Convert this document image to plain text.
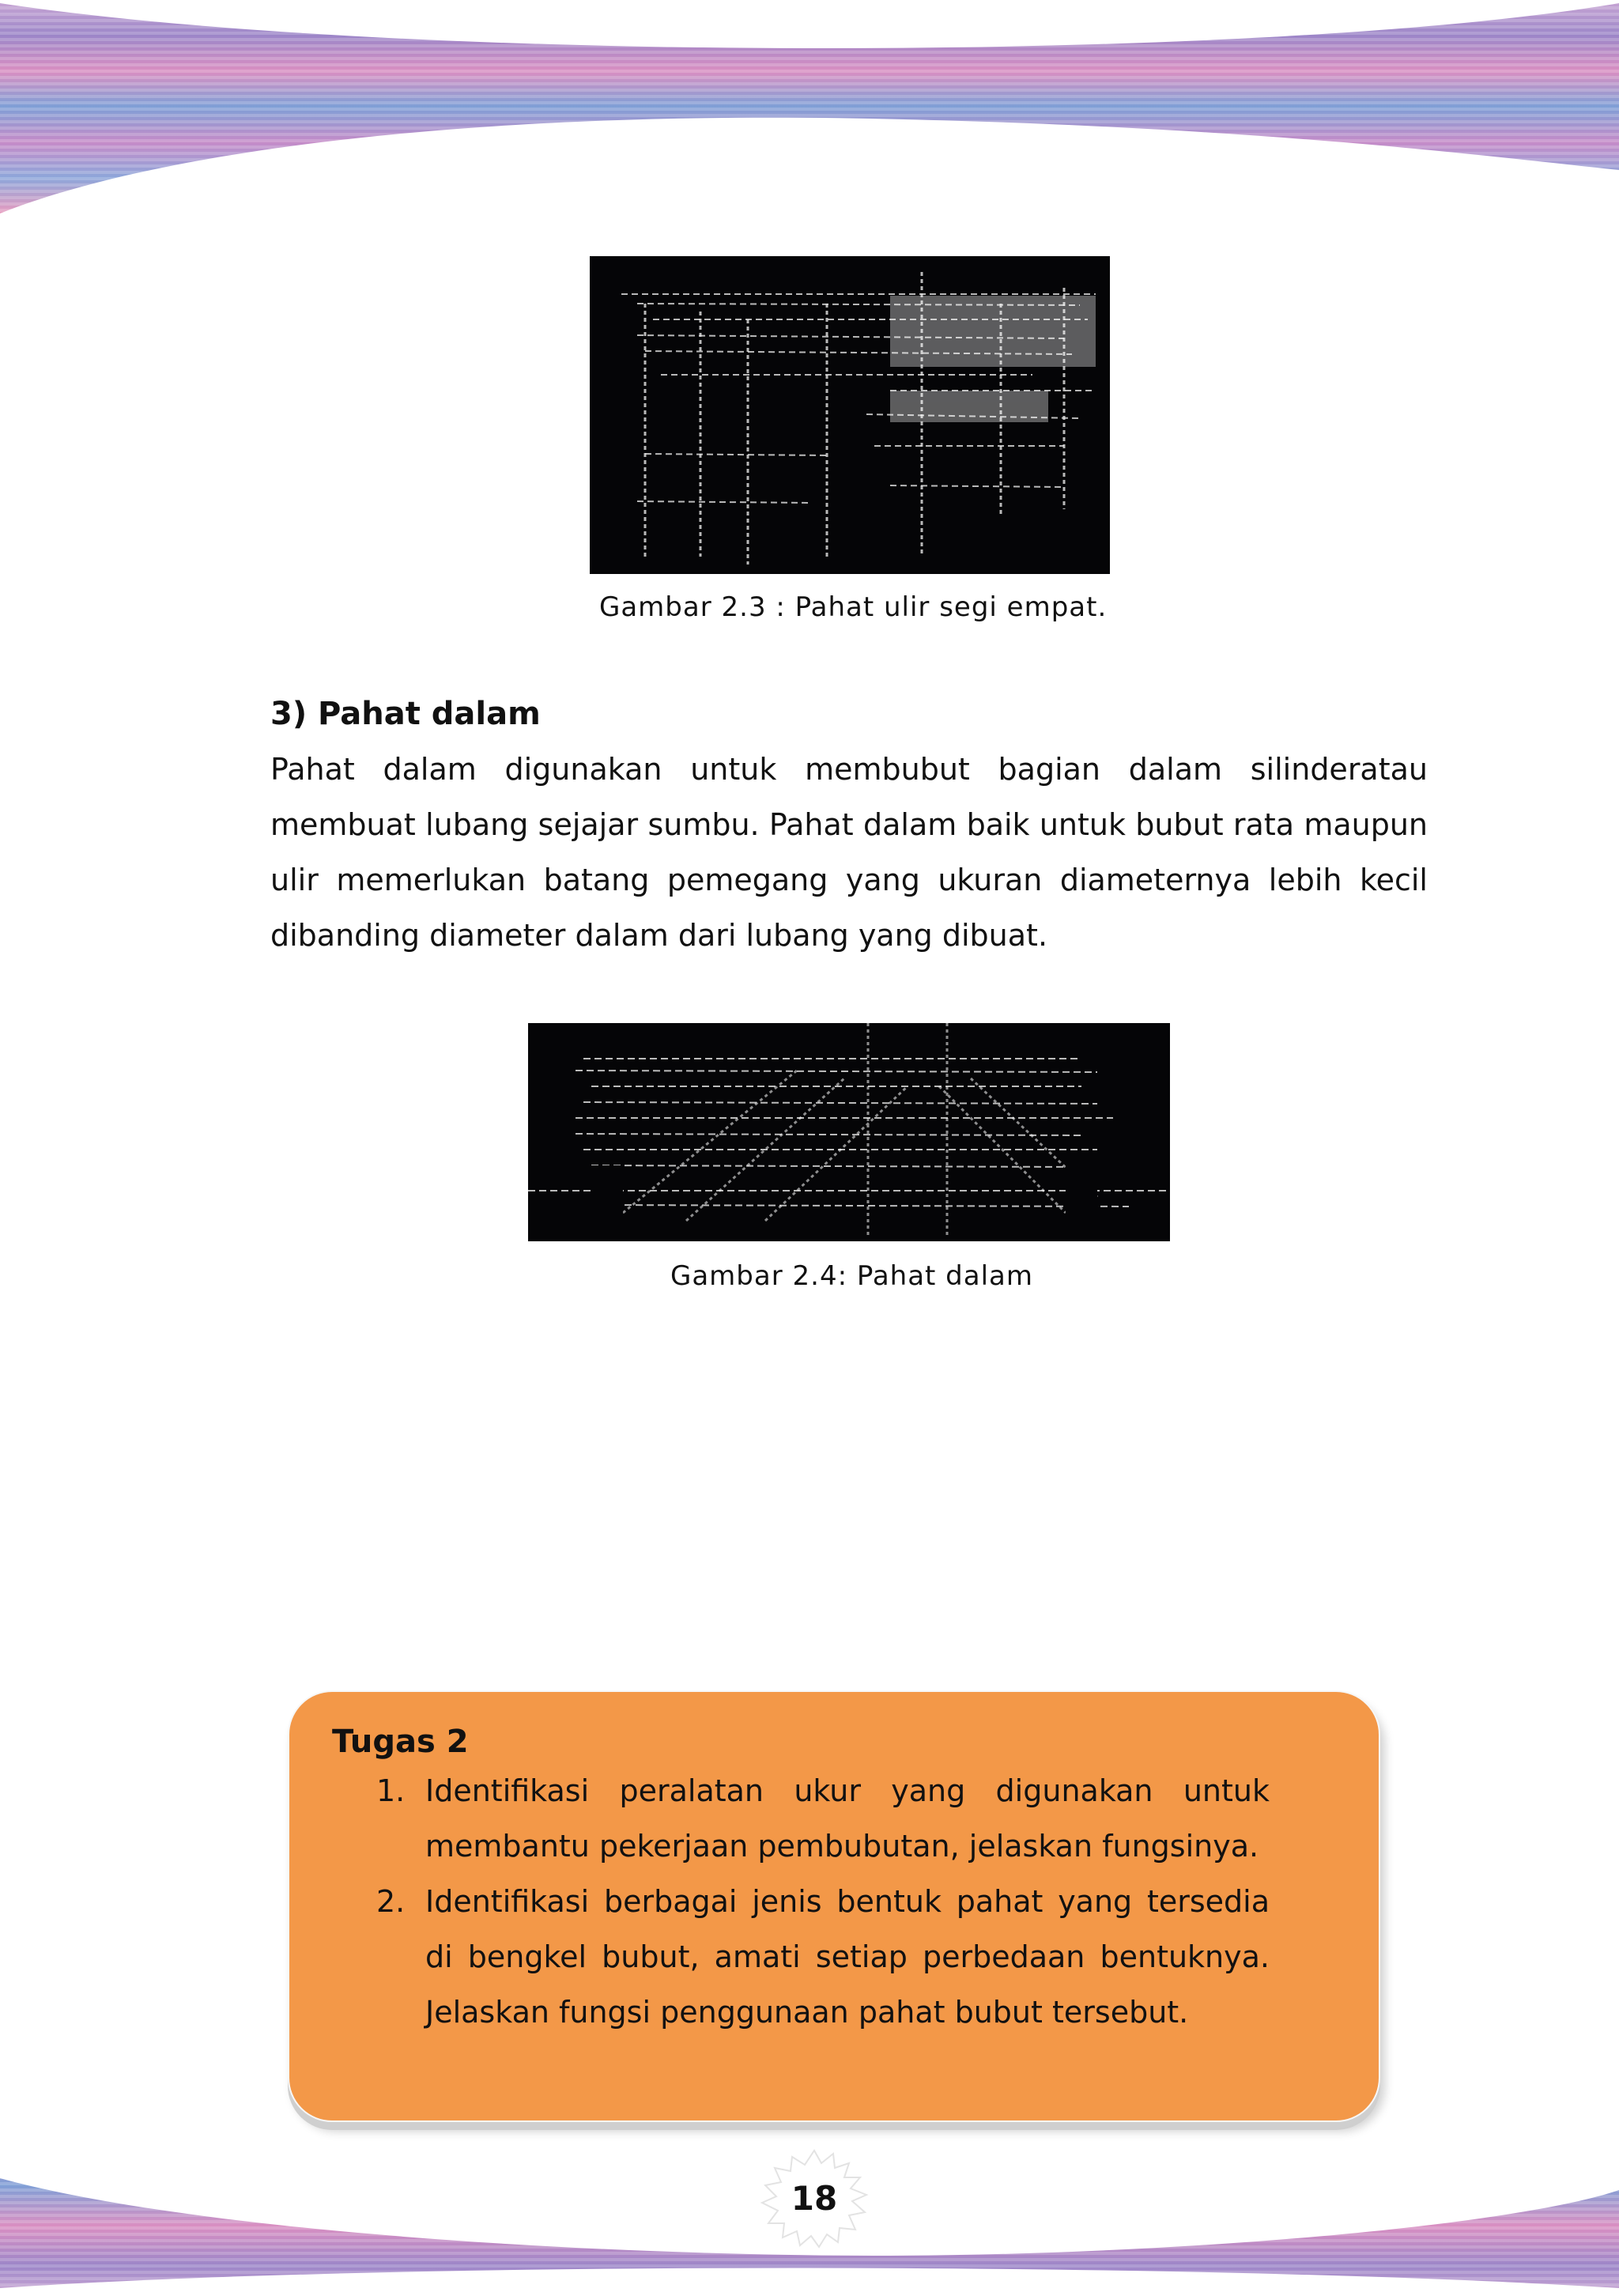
Gambar 2.3 : Pahat ulir segi empat.
3) Pahat dalam
Pahat dalam digunakan untuk membubut bagian dalam silinderatau membuat lubang sejajar sumbu. Pahat dalam baik untuk bubut rata maupun ulir memerlukan batang pemegang yang ukuran diameternya lebih kecil dibanding diameter dalam dari lubang yang dibuat.
Gambar 2.4: Pahat dalam
Tugas 2
1. Identifikasi peralatan ukur yang digunakan untuk membantu pekerjaan pembubutan, jelaskan fungsinya.
2. Identifikasi berbagai jenis bentuk pahat yang tersedia di bengkel bubut, amati setiap perbedaan bentuknya. Jelaskan fungsi penggunaan pahat bubut tersebut.
18
